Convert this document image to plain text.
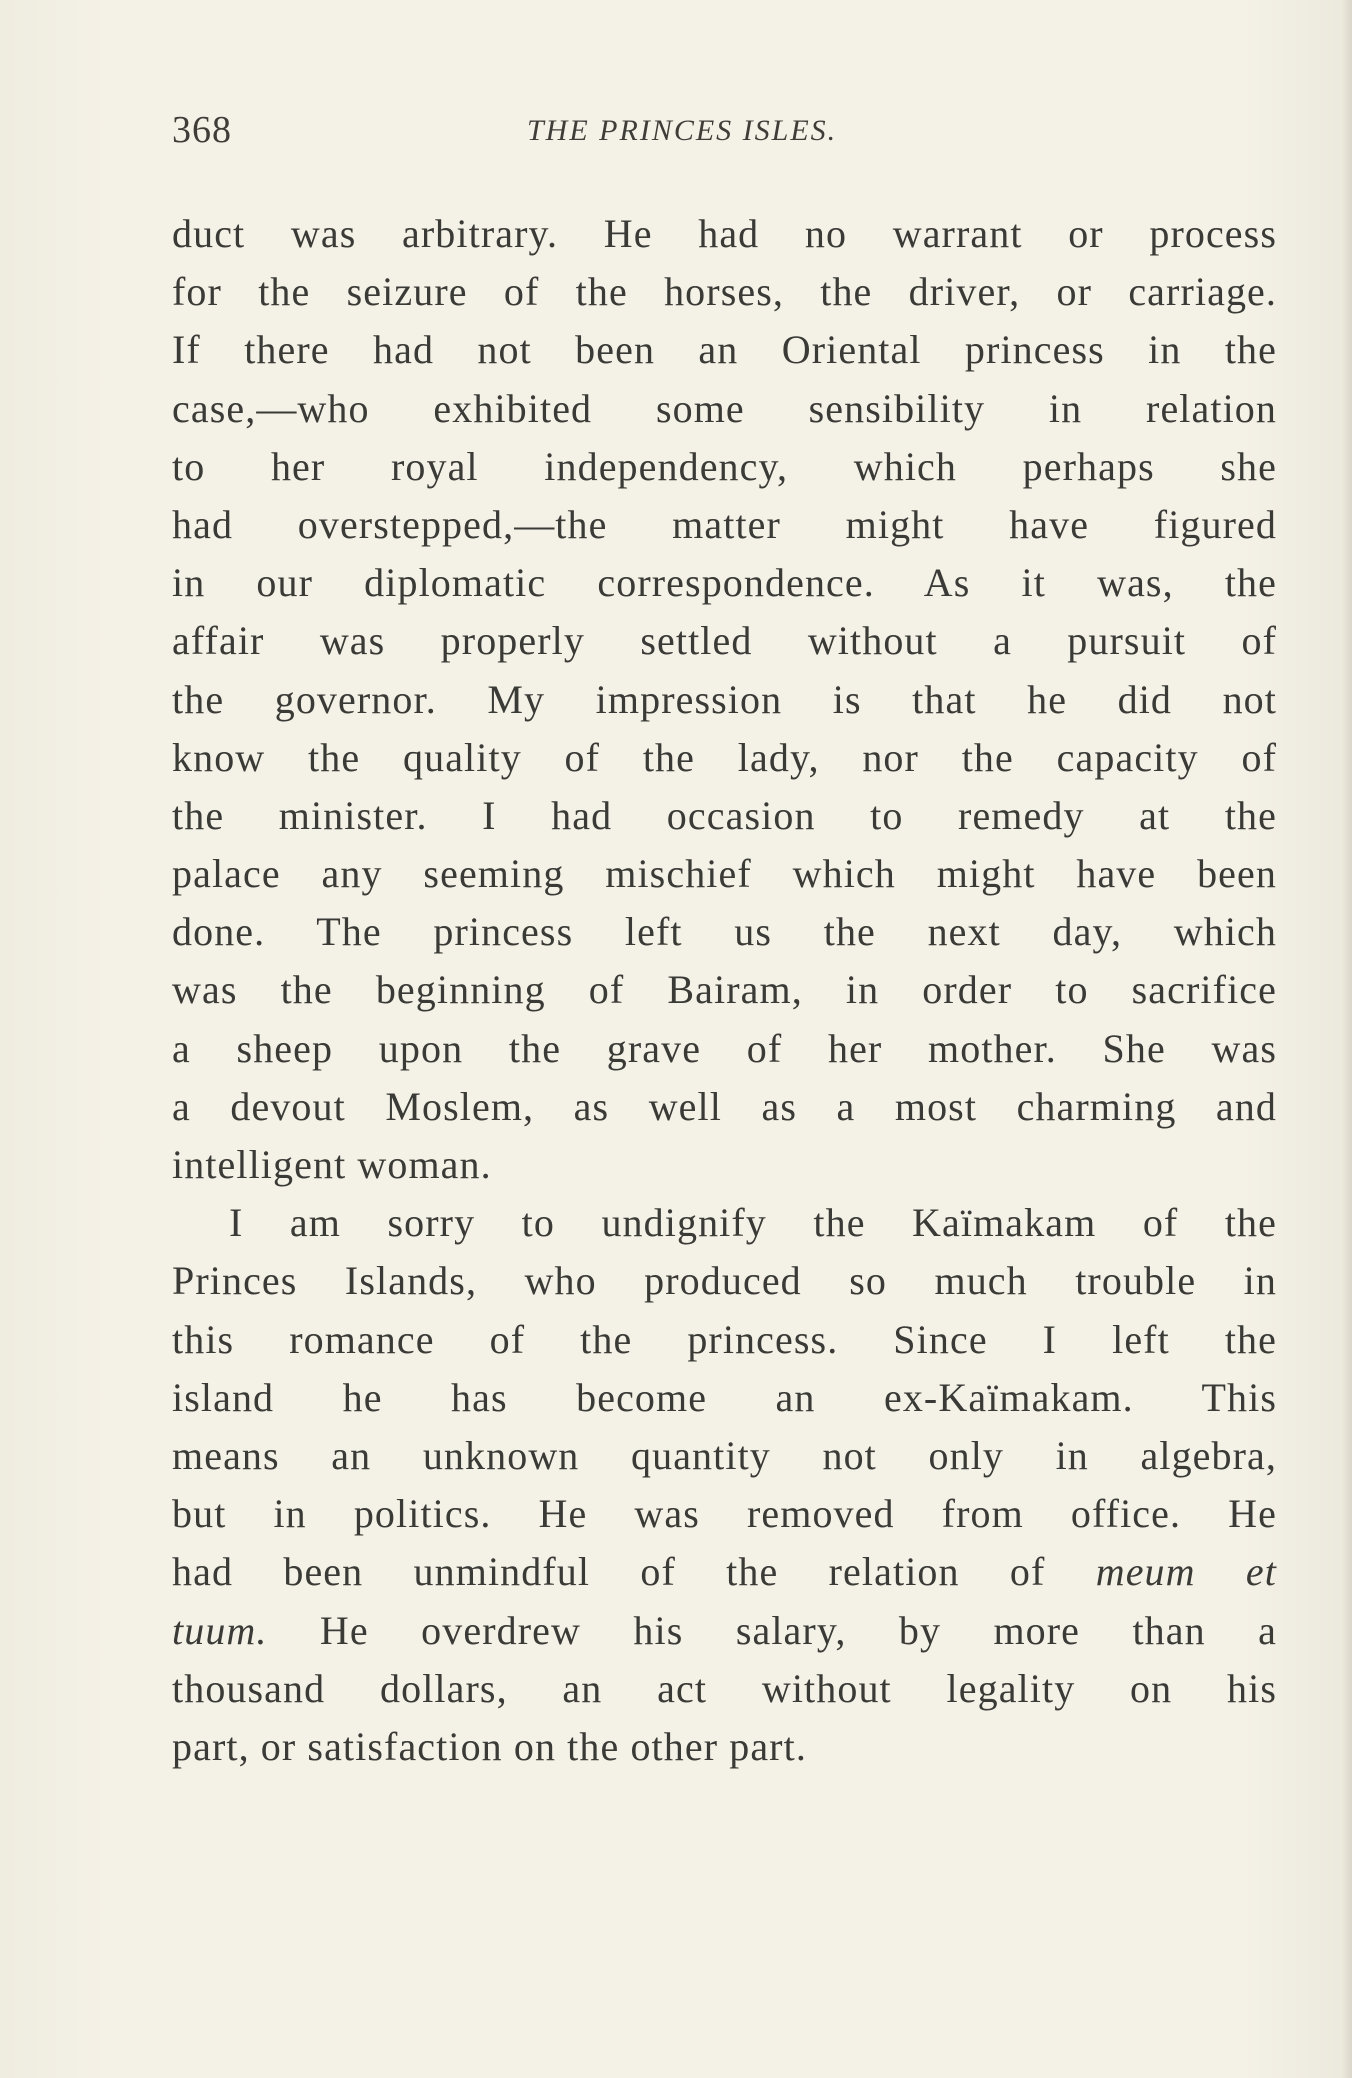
368	THE PRINCES ISLES.
duct was arbitrary. He had no warrant or process
for the seizure of the horses, the driver, or carriage.
If there had not been an Oriental princess in the
case,—who exhibited some sensibility in relation
to her royal independency, which perhaps she
had overstepped,—the matter might have figured
in our diplomatic correspondence. As it was, the
affair was properly settled without a pursuit of
the governor. My impression is that he did not
know the quality of the lady, nor the capacity of
the minister. I had occasion to remedy at the
palace any seeming mischief which might have been
done. The princess left us the next day, which
was the beginning of Bairam, in order to sacrifice
a sheep upon the grave of her mother. She was
a devout Moslem, as well as a most charming and
intelligent woman.
I am sorry to undignify the Kaïmakam of the
Princes Islands, who produced so much trouble in
this romance of the princess. Since I left the
island he has become an ex-Kaïmakam. This
means an unknown quantity not only in algebra,
but in politics. He was removed from office. He
had been unmindful of the relation of meum et
tuum. He overdrew his salary, by more than a
thousand dollars, an act without legality on his
part, or satisfaction on the other part.
